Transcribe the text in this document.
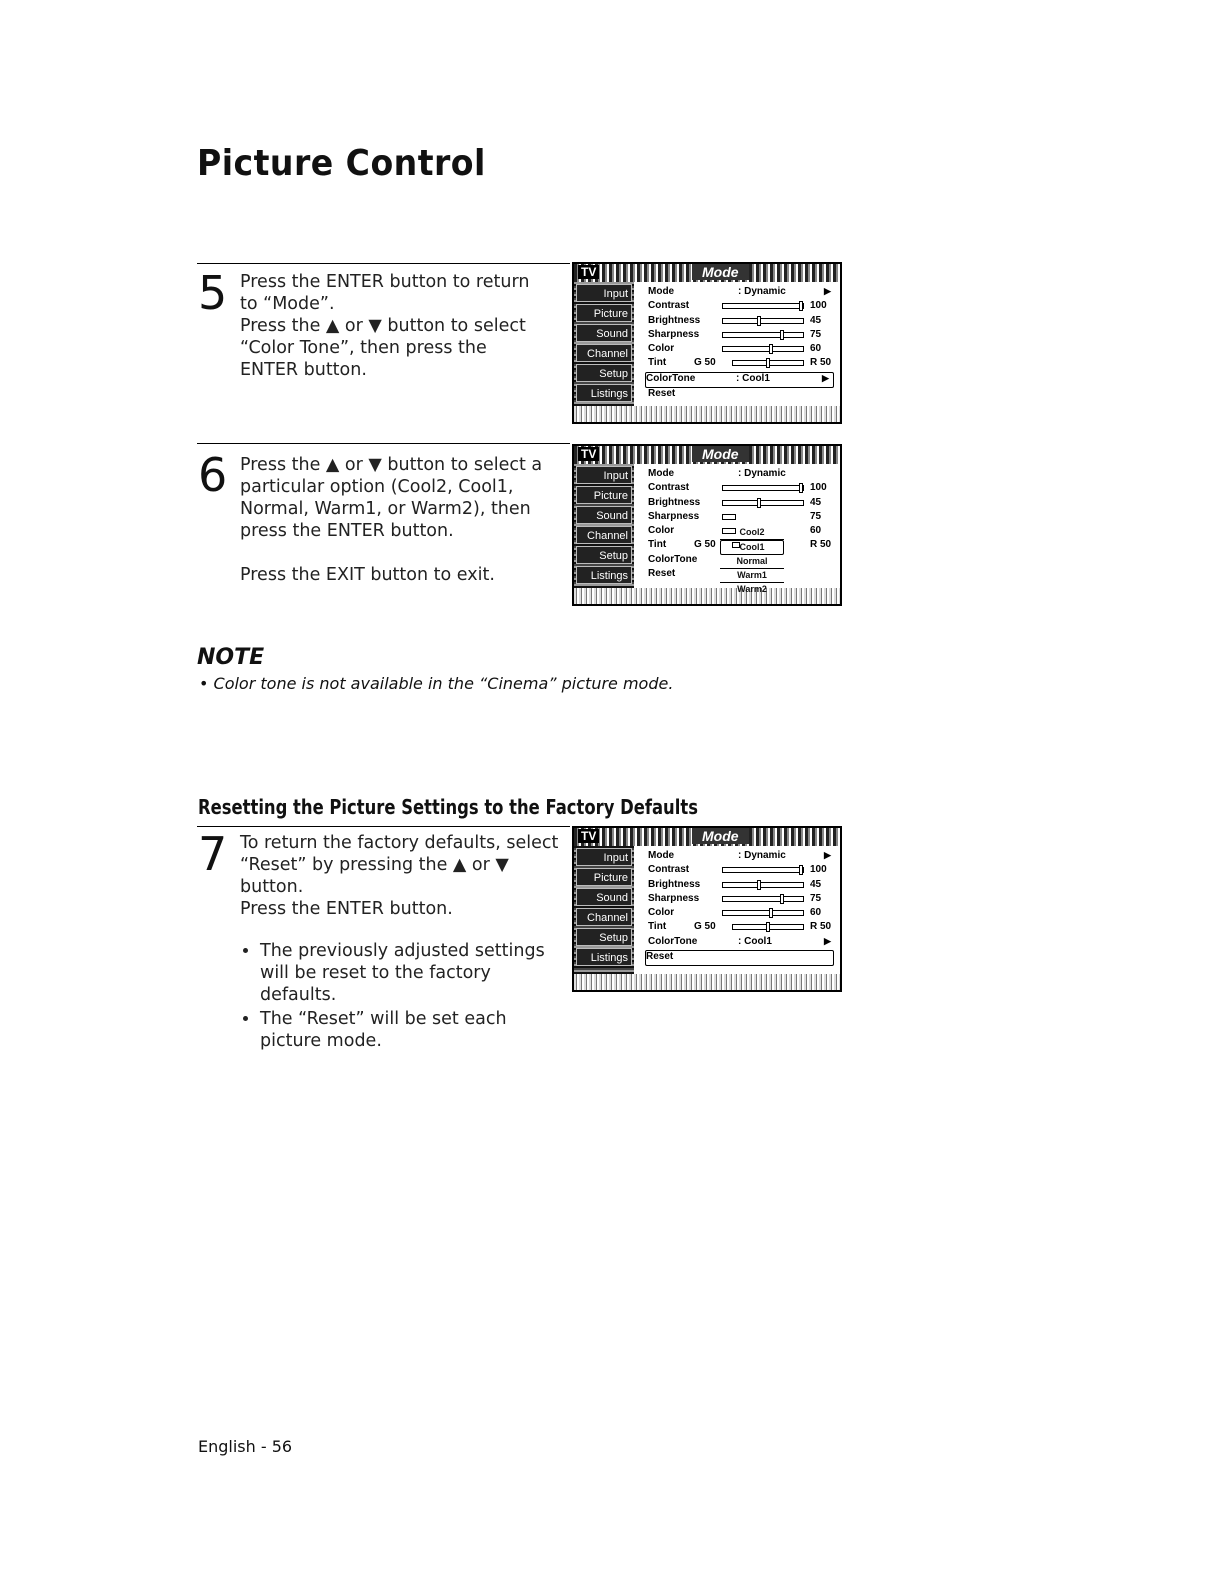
Picture Control
5 Press the ENTER button to return to “Mode”.

Press the ▲ or ▼ button to select “Color Tone”, then press the ENTER button.

6 Press the ▲ or ▼ button to select a particular option (Cool2, Cool1, Normal, Warm1, or Warm2), then press the ENTER button.

Press the EXIT button to exit.

NOTE
• Color tone is not available in the “Cinema” picture mode.
Resetting the Picture Settings to the Factory Defaults
7 To return the factory defaults, select “Reset” by pressing the ▲ or ▼ button.

Press the ENTER button.

• The previously adjusted settings will be reset to the factory defaults.
• The “Reset” will be set each picture mode.
TV	Mode
Input
Picture
Sound
Channel
Setup
Listings
Mode	: Dynamic	▶
Contrast	100
Brightness	45
Sharpness	75
Color	60
Tint	G 50	R 50
ColorTone	: Cool1	▶
Reset
TV	Mode
Input
Picture
Sound
Channel
Setup
Listings
Mode	: Dynamic
Contrast	100
Brightness	45
Sharpness	75
Color	60
Tint	G 50	R 50
ColorTone
Reset
Cool2
Cool1
Normal
Warm1
Warm2
TV	Mode
Input
Picture
Sound
Channel
Setup
Listings
Mode	: Dynamic	▶
Contrast	100
Brightness	45
Sharpness	75
Color	60
Tint	G 50	R 50
ColorTone	: Cool1	▶
Reset
English - 56
